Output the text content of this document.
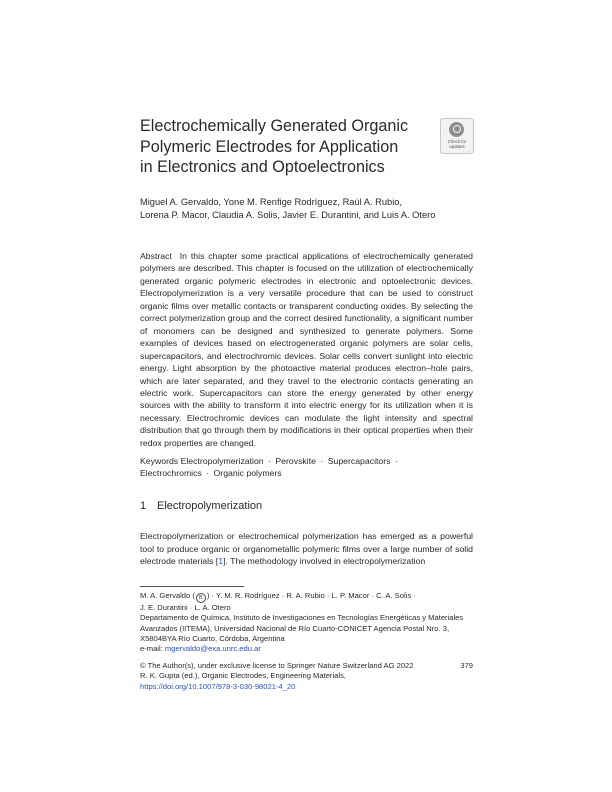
Electrochemically Generated Organic
Polymeric Electrodes for Application
in Electronics and Optoelectronics
Check for
updates
Miguel A. Gervaldo, Yone M. Renfige Rodríguez, Raúl A. Rubio,
Lorena P. Macor, Claudia A. Solis, Javier E. Durantini, and Luis A. Otero
Abstract In this chapter some practical applications of electrochemically generated polymers are described. This chapter is focused on the utilization of electrochemically generated organic polymeric electrodes in electronic and optoelectronic devices. Electropolymerization is a very versatile procedure that can be used to construct organic films over metallic contacts or transparent conducting oxides. By selecting the correct polymerization group and the correct desired functionality, a significant number of monomers can be designed and synthesized to generate polymers. Some examples of devices based on electrogenerated organic polymers are solar cells, supercapacitors, and electrochromic devices. Solar cells convert sunlight into electric energy. Light absorption by the photoactive material produces electron–hole pairs, which are later separated, and they travel to the electronic contacts generating an electric work. Supercapacitors can store the energy generated by other energy sources with the ability to transform it into electric energy for its utilization when it is necessary. Electrochromic devices can modulate the light intensity and spectral distribution that go through them by modifications in their optical properties when their redox properties are changed.
Keywords Electropolymerization · Perovskite · Supercapacitors ·
Electrochromics · Organic polymers
1 Electropolymerization
Electropolymerization or electrochemical polymerization has emerged as a powerful tool to produce organic or organometallic polymeric films over a large number of solid electrode materials [1]. The methodology involved in electropolymerization
M. A. Gervaldo ( B ) · Y. M. R. Rodríguez · R. A. Rubio · L. P. Macor · C. A. Solis ·
J. E. Durantini · L. A. Otero
Departamento de Química, Instituto de Investigaciones en Tecnologías Energéticas y Materiales
Avanzados (IITEMA), Universidad Nacional de Río Cuarto-CONICET Agencia Postal Nro. 3,
X5804BYA Río Cuarto, Córdoba, Argentina
e-mail: mgervaldo@exa.unrc.edu.ar
© The Author(s), under exclusive license to Springer Nature Switzerland AG 2022
R. K. Gupta (ed.), Organic Electrodes, Engineering Materials,
https://doi.org/10.1007/978-3-030-98021-4_20
379
